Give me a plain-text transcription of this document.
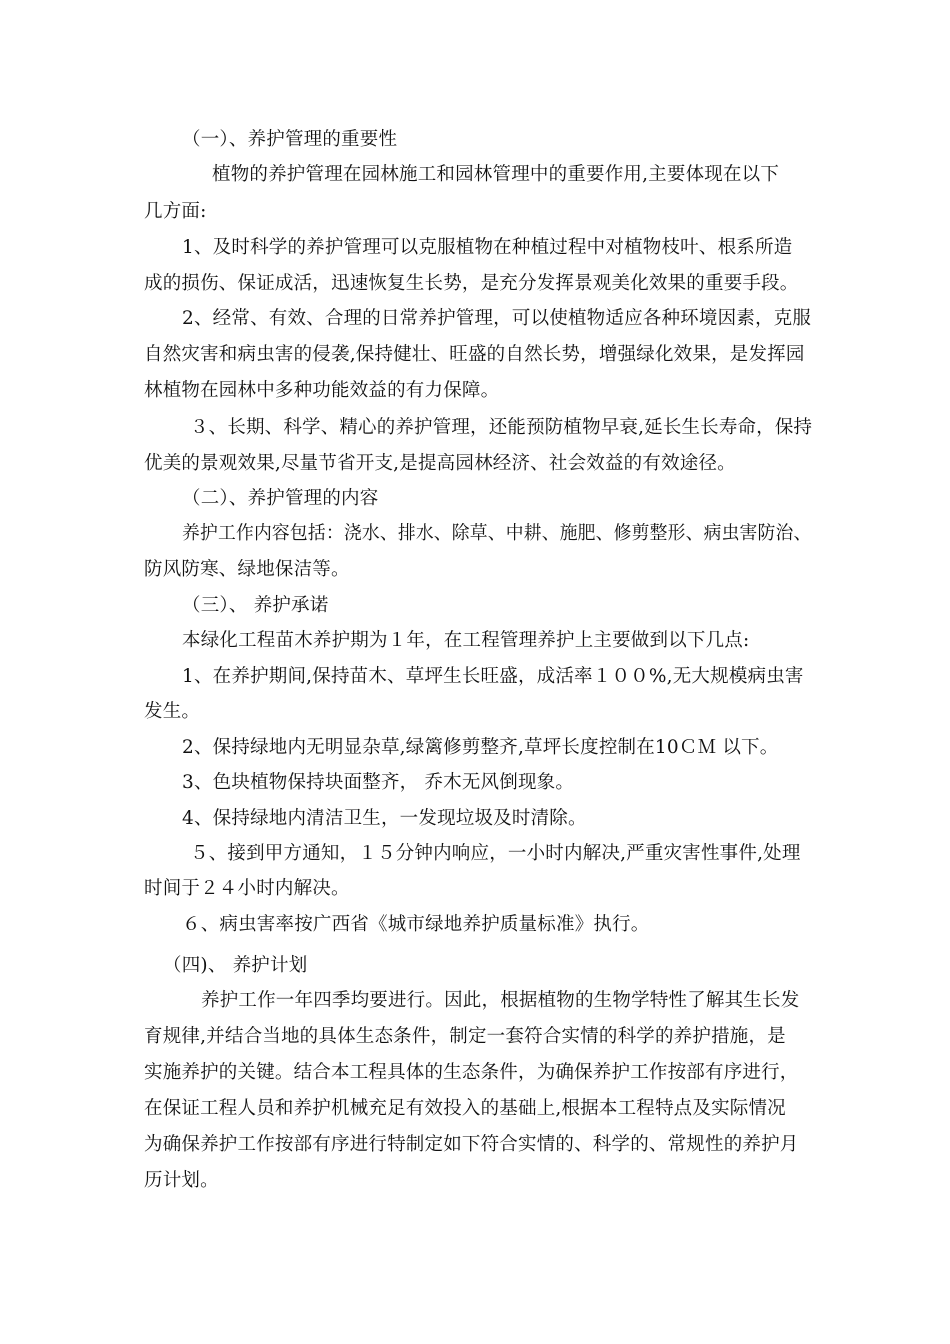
（一）、养护管理的重要性
植物的养护管理在园林施工和园林管理中的重要作用,主要体现在以下
几方面:
1、及时科学的养护管理可以克服植物在种植过程中对植物枝叶、根系所造
成的损伤、保证成活，迅速恢复生长势，是充分发挥景观美化效果的重要手段。
2、经常、有效、合理的日常养护管理，可以使植物适应各种环境因素，克服
自然灾害和病虫害的侵袭,保持健壮、旺盛的自然长势，增强绿化效果，是发挥园
林植物在园林中多种功能效益的有力保障。
３、长期、科学、精心的养护管理，还能预防植物早衰,延长生长寿命，保持
优美的景观效果,尽量节省开支,是提高园林经济、社会效益的有效途径。
（二）、养护管理的内容
养护工作内容包括：浇水、排水、除草、中耕、施肥、修剪整形、病虫害防治、
防风防寒、绿地保洁等。
（三）、 养护承诺
本绿化工程苗木养护期为１年，在工程管理养护上主要做到以下几点:
1、在养护期间,保持苗木、草坪生长旺盛，成活率１００%,无大规模病虫害
发生。
2、保持绿地内无明显杂草,绿篱修剪整齐,草坪长度控制在10ＣＭ 以下。
3、色块植物保持块面整齐， 乔木无风倒现象。
4、保持绿地内清洁卫生，一发现垃圾及时清除。
５、接到甲方通知，１５分钟内响应，一小时内解决,严重灾害性事件,处理
时间于２４小时内解决。
６、病虫害率按广西省《城市绿地养护质量标准》执行。
（四)、 养护计划
养护工作一年四季均要进行。因此，根据植物的生物学特性了解其生长发
育规律,并结合当地的具体生态条件，制定一套符合实情的科学的养护措施，是
实施养护的关键。结合本工程具体的生态条件，为确保养护工作按部有序进行，
在保证工程人员和养护机械充足有效投入的基础上,根据本工程特点及实际情况
为确保养护工作按部有序进行特制定如下符合实情的、科学的、常规性的养护月
历计划。
